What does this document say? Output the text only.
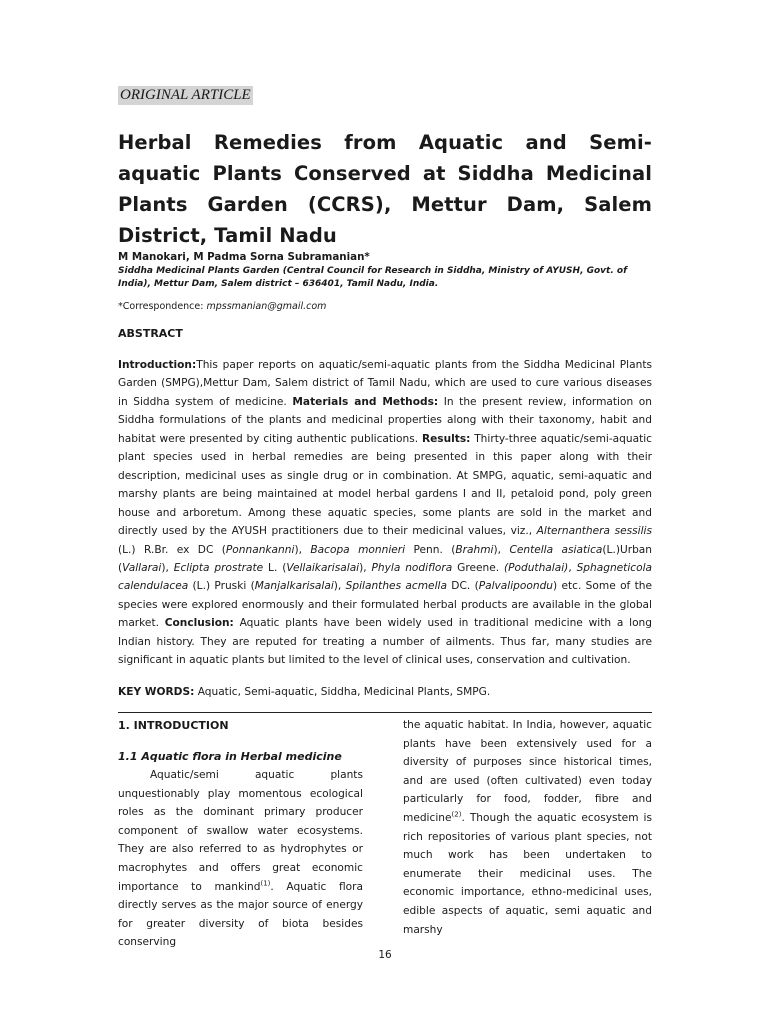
ORIGINAL ARTICLE
Herbal Remedies from Aquatic and Semi-aquatic Plants Conserved at Siddha Medicinal Plants Garden (CCRS), Mettur Dam, Salem District, Tamil Nadu
M Manokari, M Padma Sorna Subramanian*
Siddha Medicinal Plants Garden (Central Council for Research in Siddha, Ministry of AYUSH, Govt. of India), Mettur Dam, Salem district – 636401, Tamil Nadu, India.
*Correspondence: mpssmanian@gmail.com
ABSTRACT
Introduction:This paper reports on aquatic/semi-aquatic plants from the Siddha Medicinal Plants Garden (SMPG),Mettur Dam, Salem district of Tamil Nadu, which are used to cure various diseases in Siddha system of medicine. Materials and Methods: In the present review, information on Siddha formulations of the plants and medicinal properties along with their taxonomy, habit and habitat were presented by citing authentic publications. Results: Thirty-three aquatic/semi-aquatic plant species used in herbal remedies are being presented in this paper along with their description, medicinal uses as single drug or in combination. At SMPG, aquatic, semi-aquatic and marshy plants are being maintained at model herbal gardens I and II, petaloid pond, poly green house and arboretum. Among these aquatic species, some plants are sold in the market and directly used by the AYUSH practitioners due to their medicinal values, viz., Alternanthera sessilis (L.) R.Br. ex DC (Ponnankanni), Bacopa monnieri Penn. (Brahmi), Centella asiatica(L.)Urban (Vallarai), Eclipta prostrate L. (Vellaikarisalai), Phyla nodiflora Greene. (Poduthalai), Sphagneticola calendulacea (L.) Pruski (Manjalkarisalai), Spilanthes acmella DC. (Palvalipoondu) etc. Some of the species were explored enormously and their formulated herbal products are available in the global market. Conclusion: Aquatic plants have been widely used in traditional medicine with a long Indian history. They are reputed for treating a number of ailments. Thus far, many studies are significant in aquatic plants but limited to the level of clinical uses, conservation and cultivation.
KEY WORDS: Aquatic, Semi-aquatic, Siddha, Medicinal Plants, SMPG.
1. INTRODUCTION
1.1 Aquatic flora in Herbal medicine

Aquatic/semi aquatic plants unquestionably play momentous ecological roles as the dominant primary producer component of swallow water ecosystems. They are also referred to as hydrophytes or macrophytes and offers great economic importance to mankind$^{(1)}$. Aquatic flora directly serves as the major source of energy for greater diversity of biota besides conserving

the aquatic habitat. In India, however, aquatic plants have been extensively used for a diversity of purposes since historical times, and are used (often cultivated) even today particularly for food, fodder, fibre and medicine$^{(2)}$. Though the aquatic ecosystem is rich repositories of various plant species, not much work has been undertaken to enumerate their medicinal uses. The economic importance, ethno-medicinal uses, edible aspects of aquatic, semi aquatic and marshy

16
